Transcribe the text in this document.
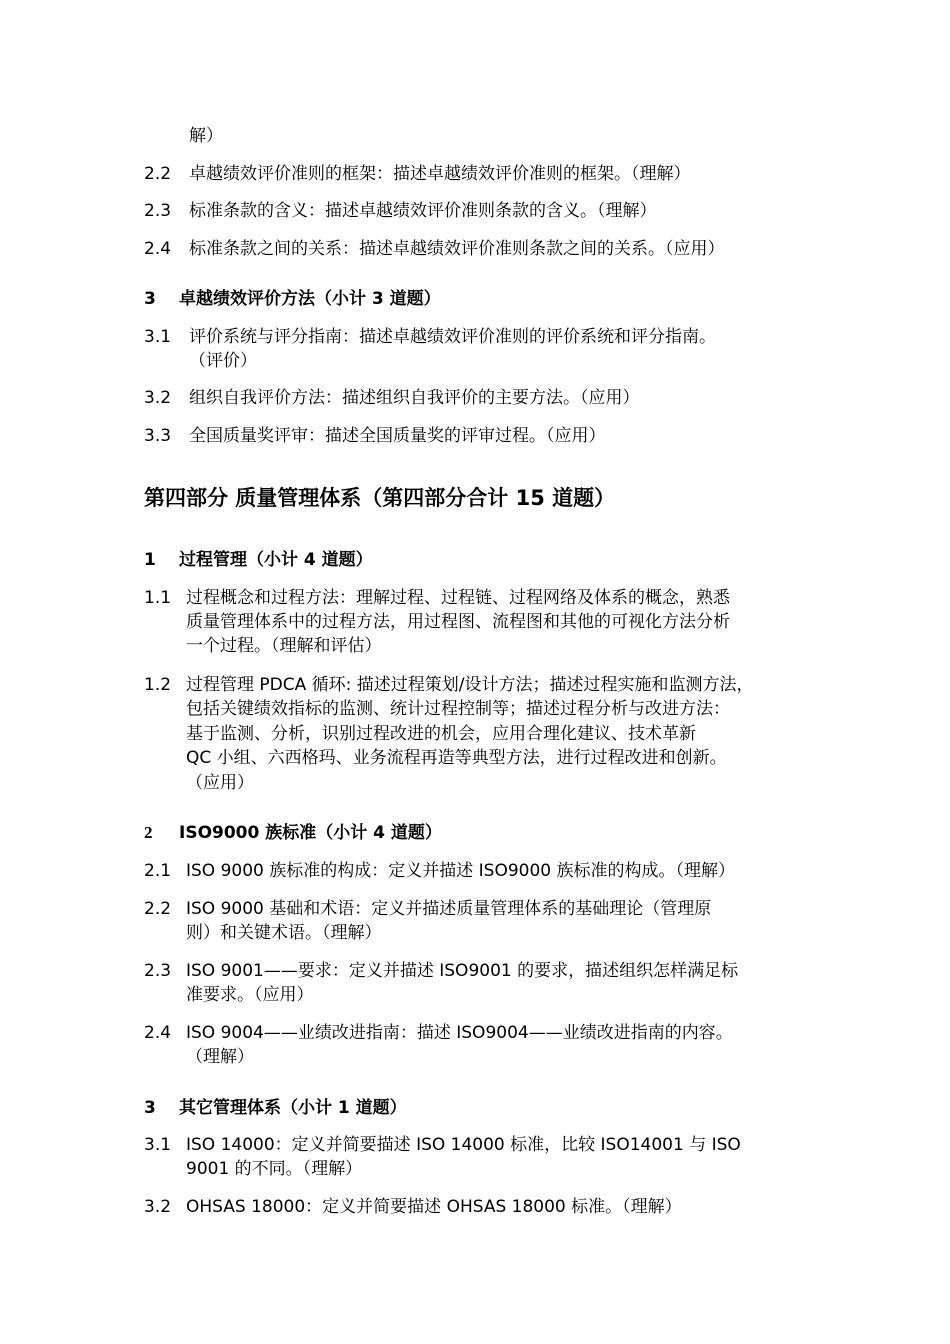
解）
2.2 卓越绩效评价准则的框架：描述卓越绩效评价准则的框架。（理解）
2.3 标准条款的含义：描述卓越绩效评价准则条款的含义。（理解）
2.4 标准条款之间的关系：描述卓越绩效评价准则条款之间的关系。（应用）
3 卓越绩效评价方法（小计 3 道题）
3.1 评价系统与评分指南：描述卓越绩效评价准则的评价系统和评分指南。
（评价）
3.2 组织自我评价方法：描述组织自我评价的主要方法。（应用）
3.3 全国质量奖评审：描述全国质量奖的评审过程。（应用）
第四部分 质量管理体系（第四部分合计 15 道题）
1 过程管理（小计 4 道题）
1.1 过程概念和过程方法：理解过程、过程链、过程网络及体系的概念，熟悉
质量管理体系中的过程方法，用过程图、流程图和其他的可视化方法分析
一个过程。（理解和评估）
1.2 过程管理 PDCA 循环: 描述过程策划/设计方法；描述过程实施和监测方法，
包括关键绩效指标的监测、统计过程控制等；描述过程分析与改进方法：
基于监测、分析，识别过程改进的机会，应用合理化建议、技术革新
QC 小组、六西格玛、业务流程再造等典型方法，进行过程改进和创新。
（应用）
2 ISO9000 族标准（小计 4 道题）
2.1 ISO 9000 族标准的构成：定义并描述 ISO9000 族标准的构成。（理解）
2.2 ISO 9000 基础和术语：定义并描述质量管理体系的基础理论（管理原
则）和关键术语。（理解）
2.3 ISO 9001——要求：定义并描述 ISO9001 的要求，描述组织怎样满足标
准要求。（应用）
2.4 ISO 9004——业绩改进指南：描述 ISO9004——业绩改进指南的内容。
（理解）
3 其它管理体系（小计 1 道题）
3.1 ISO 14000：定义并简要描述 ISO 14000 标准，比较 ISO14001 与 ISO
9001 的不同。（理解）
3.2 OHSAS 18000：定义并简要描述 OHSAS 18000 标准。（理解）
